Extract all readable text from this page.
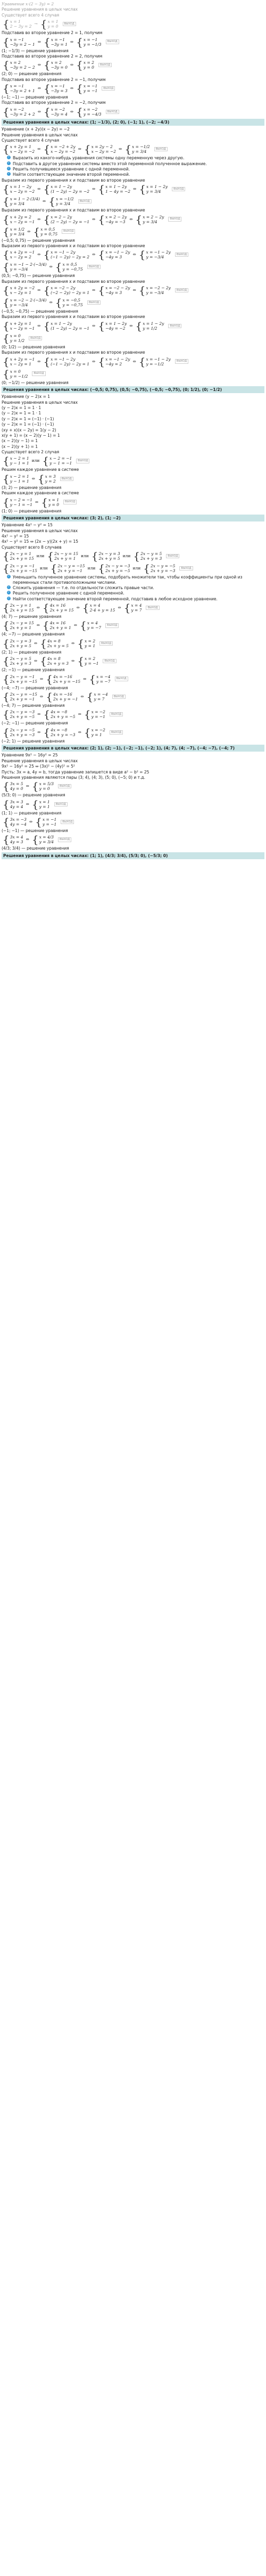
Уравнение x·(2 − 3y) = 2
Решение уравнения в целых числах
Существует всего 4 случая
{ x = 1
2 − 3y = 2
→ { x = 1
y = 0
ВЫХОД
Подставив во второе уравнение 2 = 1, получим
{ x = −1
−3y = 2 − 1
⇔ { x = −1
−3y = 1
⇔ { x = −1
y = −1/3
ВЫХОД
(1; −1/3) — решение уравнения
Подставив во второе уравнение 2 = 2, получим
{ x = 2
−3y = 2 − 2
⇔ { x = 2
−3y = 0
⇔ { x = 2
y = 0
ВЫХОД
(2; 0) — решение уравнения
Подставив во второе уравнение 2 = −1, получим
{ x = −1
−3y = 2 + 1
⇔ { x = −1
−3y = 3
⇔ { x = −1
y = −1
ВЫХОД
(−1; −1) — решение уравнения
Подставив во второе уравнение 2 = −2, получим
{ x = −2
−3y = 2 + 2
⇔ { x = −2
−3y = 4
⇔ { x = −2
y = −4/3
ВЫХОД
Решения уравнения в целых числах: (1; −1/3), (2; 0), (−1; 1), (−2; −4/3)
Уравнение (x + 2y)(x − 2y) = −2
Решение уравнения в целых числах
Существует всего 4 случая
{ x + 2y = 1
x − 2y = −2
⇔ { x = −2 + 2y
x − 2y = −2
⇔ { x = 2y − 2
x − 2y = −2
⇔ { x = −1/2
y = 3/4
ВЫХОД
✓
Выразить из какого-нибудь уравнения системы одну переменную через другую.
✓
Подставить в другое уравнение системы вместо этой переменной полученное выражение.
✓
Решить получившееся уравнение с одной переменной.
✓
Найти соответствующее значение второй переменной.
Выразим из первого уравнения x и подставим во второе уравнение
{ x = 1 − 2y
x − 2y = −2
⇔ { x = 1 − 2y
(1 − 2y) − 2y = −2
⇔ { x = 1 − 2y
1 − 4y = −2
⇔ { x = 1 − 2y
y = 3/4
ВЫХОД
{ x = 1 − 2·(3/4)
y = 3/4
⇔ { x = −1/2
y = 3/4
ВЫХОД
Выразим из первого уравнения x и подставим во второе уравнение
{ x + 2y = 2
x − 2y = −1
⇔ { x = 2 − 2y
(2 − 2y) − 2y = −1
⇔ { x = 2 − 2y
−4y = −3
⇔ { x = 2 − 2y
y = 3/4
ВЫХОД
{ x = 1/2
y = 3/4
⇔ { x = 0,5
y = 0,75
ВЫХОД
(−0,5; 0,75) — решение уравнения
Выразим из первого уравнения x и подставим во второе уравнение
{ x + 2y = −1
x − 2y = 2
⇔ { x = −1 − 2y
(−1 − 2y) − 2y = 2
⇔ { x = −1 − 2y
−4y = 3
⇔ { x = −1 − 2y
y = −3/4
ВЫХОД
{ x = −1 − 2·(−3/4)
y = −3/4
⇔ { x = 0,5
y = −0,75
ВЫХОД
(0,5; −0,75) — решение уравнения
Выразим из первого уравнения x и подставим во второе уравнение
{ x + 2y = −2
x − 2y = 1
⇔ { x = −2 − 2y
(−2 − 2y) − 2y = 1
⇔ { x = −2 − 2y
−4y = 3
⇔ { x = −2 − 2y
y = −3/4
ВЫХОД
{ x = −2 − 2·(−3/4)
y = −3/4
⇔ { x = −0,5
y = −0,75
ВЫХОД
(−0,5; −0,75) — решение уравнения
Выразим из первого уравнения x и подставим во второе уравнение
{ x + 2y = 1
x − 2y = −1
⇔ { x = 1 − 2y
(1 − 2y) − 2y = −1
⇔ { x = 1 − 2y
−4y = −2
⇔ { x = 1 − 2y
y = 1/2
ВЫХОД
{ x = 0
y = 1/2
ВЫХОД
(0; 1/2) — решение уравнения
Выразим из первого уравнения x и подставим во второе уравнение
{ x + 2y = −1
x − 2y = 1
⇔ { x = −1 − 2y
(−1 − 2y) − 2y = 1
⇔ { x = −1 − 2y
−4y = 2
⇔ { x = −1 − 2y
y = −1/2
ВЫХОД
{ x = 0
y = −1/2
ВЫХОД
(0; −1/2) — решение уравнения
Решения уравнения в целых числах: (−0,5; 0,75), (0,5; −0,75), (−0,5; −0,75), (0; 1/2), (0; −1/2)
Уравнение (y − 2)x = 1
Решение уравнения в целых числах
(y − 2)x = 1 = 1 · 1
(y − 2)x = 1 = 1 · 1
(y − 2)x = 1 = (−1) · (−1)
(y − 2)x = 1 = (−1) · (−1)
(xy + x)(x − 2y) = 1(y − 2)
x(y + 1) = (x − 2)(y − 1) = 1
(x − 2)(y − 1) = 1
(x − 2)(y + 1) = 1
Существует всего 2 случая
{ x − 2 = 1
y − 1 = 1
или { x − 2 = −1
y − 1 = −1
ВЫХОД
Решим каждое уравнение в системе
{ x − 2 = 1
y − 1 = 1
⇔ { x = 3
y = 2
ВЫХОД
(3; 2) — решение уравнения
Решим каждое уравнение в системе
{ x − 2 = −1
y − 1 = −1
⇔ { x = 1
y = 0
ВЫХОД
(1; 0) — решение уравнения
Решения уравнения в целых числах: (3; 2), (1; −2)
Уравнение 4x² − y² = 15
Решение уравнения в целых числах
4x² − y² = 15
4x² − y² = 15 ⇔ (2x − y)(2x + y) = 15
Существует всего 8 случаев
{ 2x − y = 1
2x + y = 15
или { 2x − y = 15
2x + y = 1
или { 2x − y = 3
2x + y = 5
или { 2x − y = 5
2x + y = 3
ВЫХОД
{ 2x − y = −1
2x + y = −15
или { 2x − y = −15
2x + y = −1
или { 2x − y = −3
2x + y = −5
или { 2x − y = −5
2x + y = −3
ВЫХОД
✓
Уменьшить полученное уравнение системы, подобрать множители так, чтобы коэффициенты при одной из переменных стали противоположными числами.
✓
Сложить уравнения — т.е. по отдельности сложить правые части.
✓
Решить полученное уравнение с одной переменной.
✓
Найти соответствующее значение второй переменной, подставив в любое исходное уравнение.
{ 2x − y = 1
2x + y = 15
⇔ { 4x = 16
2x + y = 15
⇔ { x = 4
2·4 + y = 15
⇔ { x = 4
y = 7
ВЫХОД
(4; 7) — решение уравнения
{ 2x − y = 15
2x + y = 1
⇔ { 4x = 16
2x + y = 1
⇔ { x = 4
y = −7
ВЫХОД
(4; −7) — решение уравнения
{ 2x − y = 3
2x + y = 5
⇔ { 4x = 8
2x + y = 5
⇔ { x = 2
y = 1
ВЫХОД
(2; 1) — решение уравнения
{ 2x − y = 5
2x + y = 3
⇔ { 4x = 8
2x + y = 3
⇔ { x = 2
y = −1
ВЫХОД
(2; −1) — решение уравнения
{ 2x − y = −1
2x + y = −15
⇔ { 4x = −16
2x + y = −15
⇔ { x = −4
y = −7
ВЫХОД
(−4; −7) — решение уравнения
{ 2x − y = −15
2x + y = −1
⇔ { 4x = −16
2x + y = −1
⇔ { x = −4
y = 7
ВЫХОД
(−4; 7) — решение уравнения
{ 2x − y = −3
2x + y = −5
⇔ { 4x = −8
2x + y = −5
⇔ { x = −2
y = −1
ВЫХОД
(−2; −1) — решение уравнения
{ 2x − y = −5
2x + y = −3
⇔ { 4x = −8
2x + y = −3
⇔ { x = −2
y = 1
ВЫХОД
(−2; 1) — решение уравнения
Решения уравнения в целых числах: (2; 1), (2; −1), (−2; −1), (−2; 1), (4; 7), (4; −7), (−4; −7), (−4; 7)
Уравнение 9x² − 16y² = 25
Решение уравнения в целых числах
9x² − 16y² = 25 ⇔ (3x)² − (4y)² = 5²
Пусть: 3x = a, 4y = b, тогда уравнение запишется в виде a² − b² = 25
Решения уравнения являются пары (3; 4), (4; 3), (5; 0), (−5; 0) и т.д.
{ 3x = 5
4y = 0
⇔ { x = 5/3
y = 0
ВЫХОД
(5/3; 0) — решение уравнения
{ 3x = 3
4y = 4
⇔ { x = 1
y = 1
ВЫХОД
(1; 1) — решение уравнения
{ 3x = −3
4y = −4
⇔ { x = −1
y = −1
ВЫХОД
(−1; −1) — решение уравнения
{ 3x = 4
4y = 3
⇔ { x = 4/3
y = 3/4
ВЫХОД
(4/3; 3/4) — решение уравнения
Решения уравнения в целых числах: (1; 1), (4/3; 3/4), (5/3; 0), (−5/3; 0)
